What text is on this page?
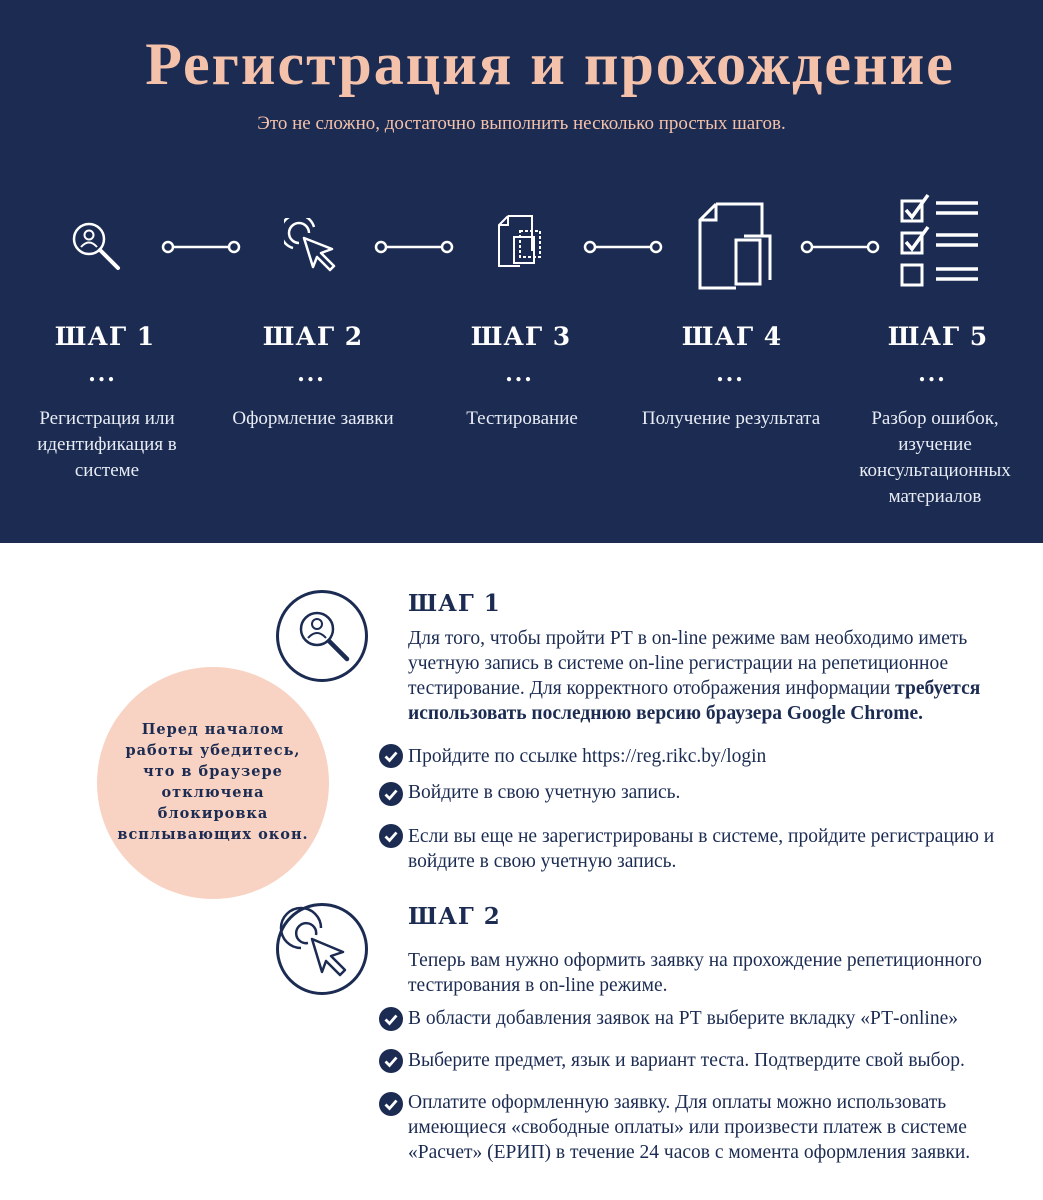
Регистрация и прохождение

Это не сложно, достаточно выполнить несколько простых шагов.

ШАГ 1
...
Регистрация или идентификация в системе
ШАГ 2
...
Оформление заявки
ШАГ 3
...
Тестирование
ШАГ 4
...
Получение результата
ШАГ 5
...
Разбор ошибок, изучение консультационных материалов
Перед началом работы убедитесь, что в браузере отключена блокировка всплывающих окон.
ШАГ 1

Для того, чтобы пройти РТ в on-line режиме вам необходимо иметь учетную запись в системе on-line регистрации на репетиционное тестирование. Для корректного отображения информации требуется использовать последнюю версию браузера Google Chrome.

Пройдите по ссылке https://reg.rikc.by/login
Войдите в свою учетную запись.
Если вы еще не зарегистрированы в системе, пройдите регистрацию и войдите в свою учетную запись.
ШАГ 2

Теперь вам нужно оформить заявку на прохождение репетиционного тестирования в on-line режиме.

В области добавления заявок на РТ выберите вкладку «РТ-online»
Выберите предмет, язык и вариант теста. Подтвердите свой выбор.
Оплатите оформленную заявку. Для оплаты можно использовать имеющиеся «свободные оплаты» или произвести платеж в системе «Расчет» (ЕРИП) в течение 24 часов с момента оформления заявки.
